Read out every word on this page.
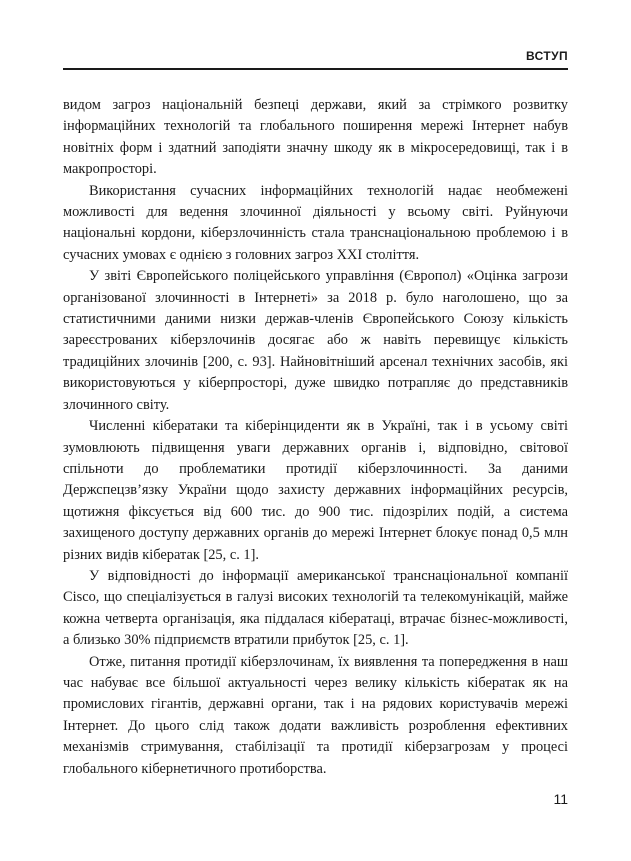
ВСТУП

видом загроз національній безпеці держави, який за стрімкого розвитку інформаційних технологій та глобального поширення мережі Інтернет набув новітніх форм і здатний заподіяти значну шкоду як в мікросередовищі, так і в макропросторі.

Використання сучасних інформаційних технологій надає необмежені можливості для ведення злочинної діяльності у всьому світі. Руйнуючи національні кордони, кіберзлочинність стала транснаціональною проблемою і в сучасних умовах є однією з головних загроз ХХІ століття.

У звіті Європейського поліцейського управління (Європол) «Оцінка загрози організованої злочинності в Інтернеті» за 2018 р. було наголошено, що за статистичними даними низки держав-членів Європейського Союзу кількість зареєстрованих кіберзлочинів досягає або ж навіть перевищує кількість традиційних злочинів [200, с. 93]. Найновітніший арсенал технічних засобів, які використовуються у кіберпросторі, дуже швидко потрапляє до представників злочинного світу.

Численні кібератаки та кіберінциденти як в Україні, так і в усьому світі зумовлюють підвищення уваги державних органів і, відповідно, світової спільноти до проблематики протидії кіберзлочинності. За даними Держспецзв’язку України щодо захисту державних інформаційних ресурсів, щотижня фіксується від 600 тис. до 900 тис. підозрілих подій, а система захищеного доступу державних органів до мережі Інтернет блокує понад 0,5 млн різних видів кібератак [25, с. 1].

У відповідності до інформації американської транснаціональної компанії Cisco, що спеціалізується в галузі високих технологій та телекомунікацій, майже кожна четверта організація, яка піддалася кібератаці, втрачає бізнес-можливості, а близько 30% підприємств втратили прибуток [25, с. 1].

Отже, питання протидії кіберзлочинам, їх виявлення та попередження в наш час набуває все більшої актуальності через велику кількість кібератак як на промислових гігантів, державні органи, так і на рядових користувачів мережі Інтернет. До цього слід також додати важливість розроблення ефективних механізмів стримування, стабілізації та протидії кіберзагрозам у процесі глобального кібернетичного протиборства.

11
